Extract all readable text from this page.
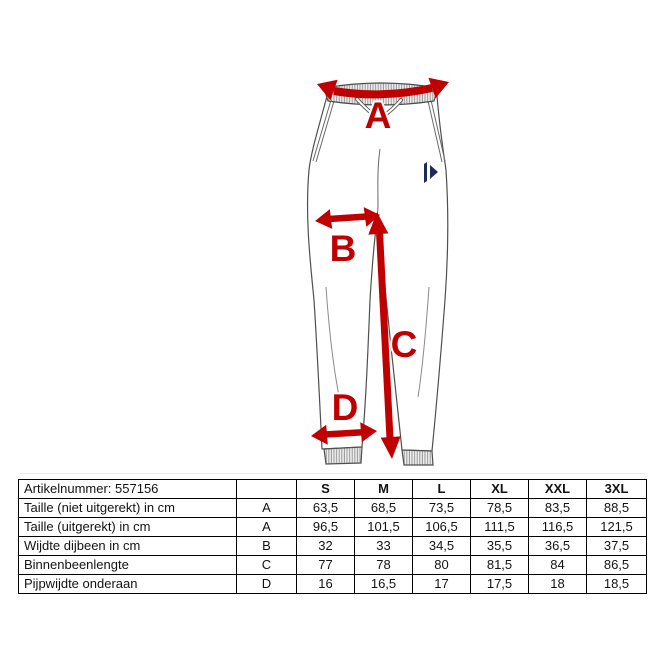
A
B
C
D
Artikelnummer: 557156		S	M	L	XL	XXL	3XL
Taille (niet uitgerekt) in cm	A	63,5	68,5	73,5	78,5	83,5	88,5
Taille (uitgerekt) in cm	A	96,5	101,5	106,5	111,5	116,5	121,5
Wijdte dijbeen in cm	B	32	33	34,5	35,5	36,5	37,5
Binnenbeenlengte	C	77	78	80	81,5	84	86,5
Pijpwijdte onderaan	D	16	16,5	17	17,5	18	18,5
